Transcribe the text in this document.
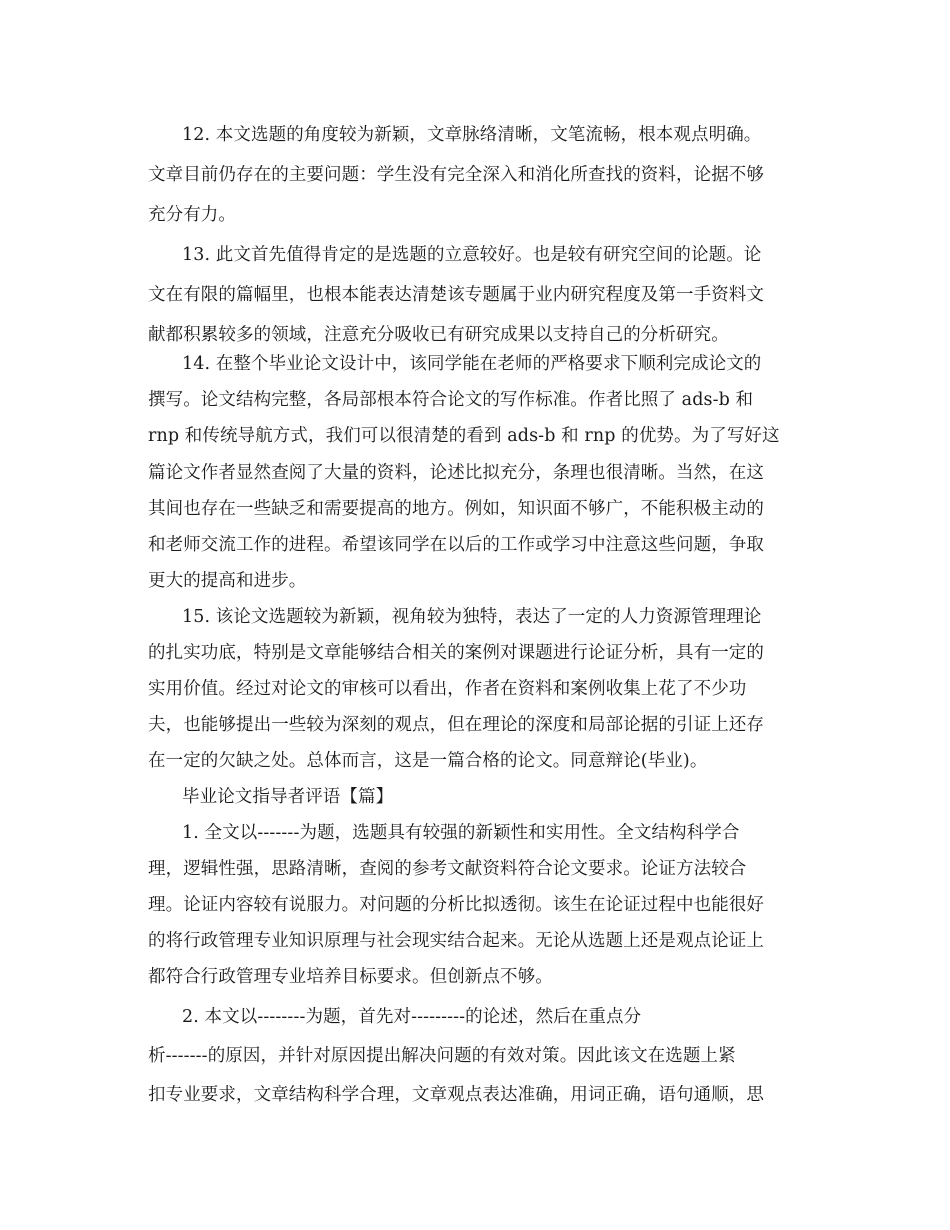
12. 本文选题的角度较为新颖，文章脉络清晰，文笔流畅，根本观点明确。
文章目前仍存在的主要问题：学生没有完全深入和消化所查找的资料，论据不够
充分有力。
13. 此文首先值得肯定的是选题的立意较好。也是较有研究空间的论题。论
文在有限的篇幅里，也根本能表达清楚该专题属于业内研究程度及第一手资料文
献都积累较多的领域，注意充分吸收已有研究成果以支持自己的分析研究。
14. 在整个毕业论文设计中，该同学能在老师的严格要求下顺利完成论文的
撰写。论文结构完整，各局部根本符合论文的写作标准。作者比照了 ads-b 和
rnp 和传统导航方式，我们可以很清楚的看到 ads-b 和 rnp 的优势。为了写好这
篇论文作者显然查阅了大量的资料，论述比拟充分，条理也很清晰。当然，在这
其间也存在一些缺乏和需要提高的地方。例如，知识面不够广，不能积极主动的
和老师交流工作的进程。希望该同学在以后的工作或学习中注意这些问题，争取
更大的提高和进步。
15. 该论文选题较为新颖，视角较为独特，表达了一定的人力资源管理理论
的扎实功底，特别是文章能够结合相关的案例对课题进行论证分析，具有一定的
实用价值。经过对论文的审核可以看出，作者在资料和案例收集上花了不少功
夫，也能够提出一些较为深刻的观点，但在理论的深度和局部论据的引证上还存
在一定的欠缺之处。总体而言，这是一篇合格的论文。同意辩论(毕业)。
毕业论文指导者评语【篇】
1. 全文以-------为题，选题具有较强的新颖性和实用性。全文结构科学合
理，逻辑性强，思路清晰，查阅的参考文献资料符合论文要求。论证方法较合
理。论证内容较有说服力。对问题的分析比拟透彻。该生在论证过程中也能很好
的将行政管理专业知识原理与社会现实结合起来。无论从选题上还是观点论证上
都符合行政管理专业培养目标要求。但创新点不够。
2. 本文以--------为题，首先对---------的论述，然后在重点分
析-------的原因，并针对原因提出解决问题的有效对策。因此该文在选题上紧
扣专业要求，文章结构科学合理，文章观点表达准确，用词正确，语句通顺，思
